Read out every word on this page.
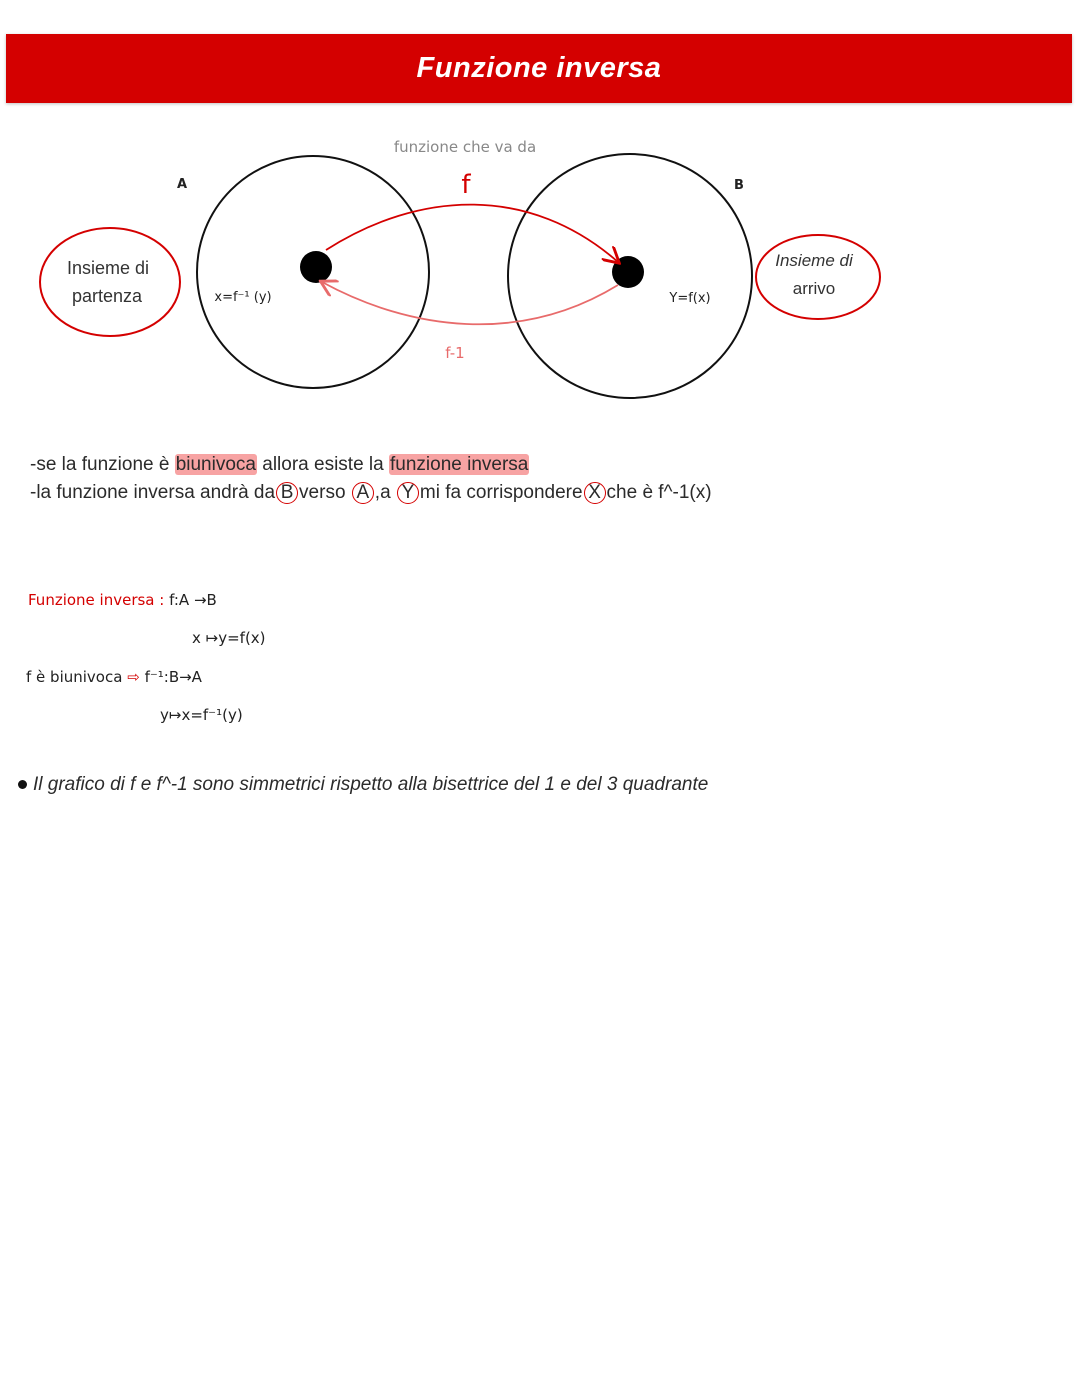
Funzione inversa
Insieme di
partenza
Insieme di
arrivo
funzione che va da
f
f-1
A	B
x=f⁻¹ (y)	Y=f(x)
-se la funzione è biunivoca allora esiste la funzione inversa
-la funzione inversa andrà da B verso A ,a Y mi fa corrispondere X che è f^-1(x)
Funzione inversa : f:A →B
x ↦y=f(x)
f è biunivoca ⇨ f⁻¹:B→A
y↦x=f⁻¹(y)
Il grafico di f e f^-1 sono simmetrici rispetto alla bisettrice del 1 e del 3 quadrante
